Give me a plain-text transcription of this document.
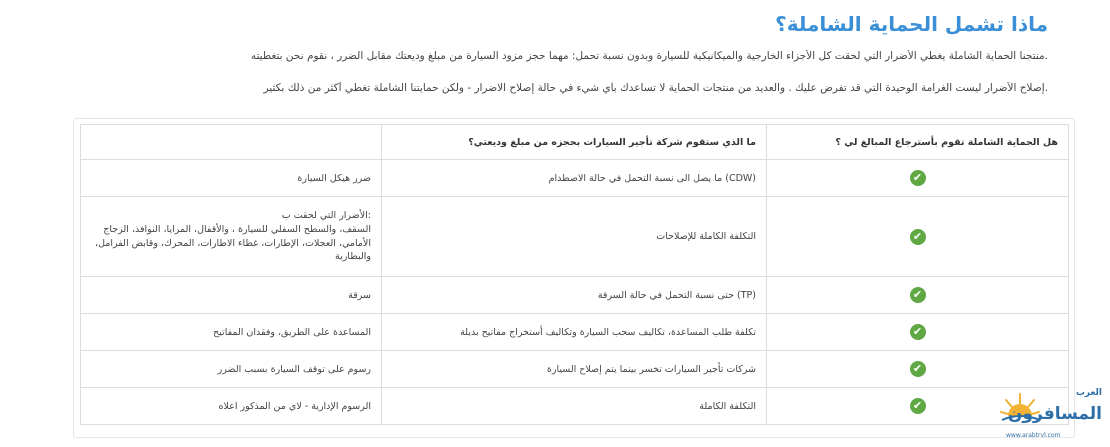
ماذا تشمل الحماية الشاملة؟
.منتجنا الحماية الشاملة يغطي الأضرار التي لحقت كل الأجزاء الخارجية والميكانيكية للسيارة وبدون نسبة تحمل: مهما حجز مزود السيارة من مبلغ وديعتك مقابل الضرر ، نقوم نحن بتغطيته
.إصلاح الأضرار ليست الغرامة الوحيدة التي قد تفرض عليك . والعديد من منتجات الحماية لا تساعدك بأي شيء في حالة إصلاح الاضرار - ولكن حمايتنا الشاملة تغطي أكثر من ذلك بكثير
هل الحماية الشاملة تقوم بأسترجاع المبالغ لي ؟	ما الذي ستقوم شركة تأجير السيارات بحجزه من مبلغ وديعتي؟	

✔	(CDW) ما يصل الى نسبة التحمل في حالة الاصطدام	ضرر هيكل السيارة

✔	التكلفة الكاملة للإصلاحات	:الأضرار التي لحقت ب
السقف، والسطح السفلي للسيارة ، والأقفال، المرايا، النوافذ، الزجاج الأمامي، العجلات، الإطارات، غطاء الاطارات، المحرك، وقابض الفرامل، والبطارية

✔	(TP) حتى نسبة التحمل في حالة السرقة	سرقة

✔	تكلفة طلب المساعدة، تكاليف سحب السيارة وتكاليف أستخراج مفاتيح بديلة	المساعدة على الطريق، وفقدان المفاتيح

✔	شركات تأجير السيارات تخسر بينما يتم إصلاح السيارة	رسوم على توقف السيارة بسبب الضرر

✔	التكلفة الكاملة	الرسوم الإدارية - لاي من المذكور اعلاه
العرب
المسافرون
www.arabtrvl.com
